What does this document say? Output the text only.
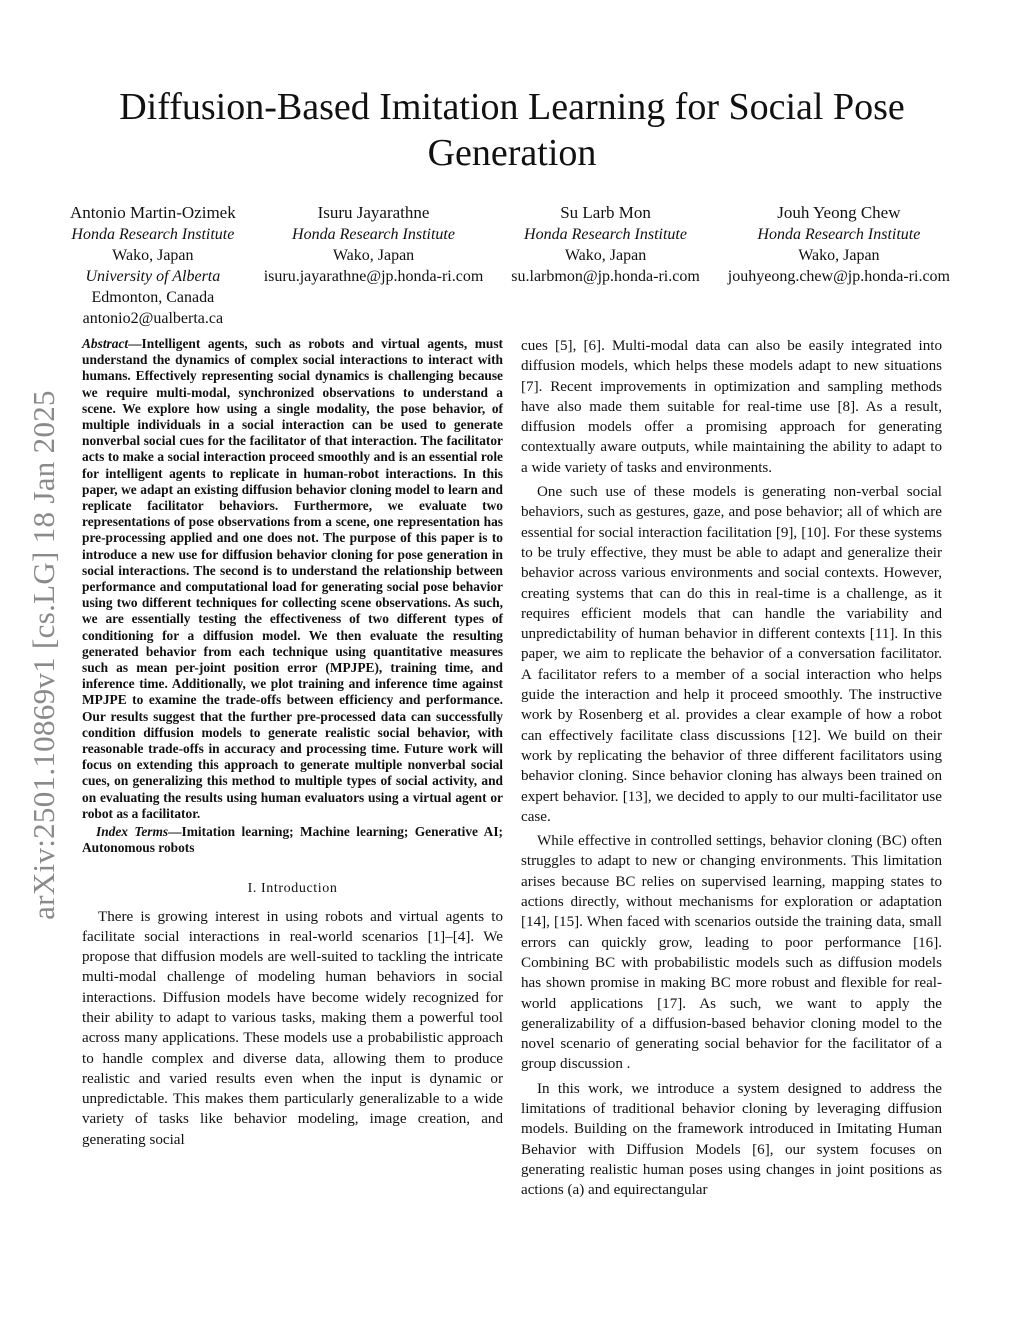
arXiv:2501.10869v1 [cs.LG] 18 Jan 2025
Diffusion-Based Imitation Learning for Social Pose Generation
Antonio Martin-Ozimek
Honda Research Institute
Wako, Japan
University of Alberta
Edmonton, Canada
antonio2@ualberta.ca
Isuru Jayarathne
Honda Research Institute
Wako, Japan
isuru.jayarathne@jp.honda-ri.com
Su Larb Mon
Honda Research Institute
Wako, Japan
su.larbmon@jp.honda-ri.com
Jouh Yeong Chew
Honda Research Institute
Wako, Japan
jouhyeong.chew@jp.honda-ri.com

Abstract—Intelligent agents, such as robots and virtual agents, must understand the dynamics of complex social interactions to interact with humans. Effectively representing social dynamics is challenging because we require multi-modal, synchronized observations to understand a scene. We explore how using a single modality, the pose behavior, of multiple individuals in a social interaction can be used to generate nonverbal social cues for the facilitator of that interaction. The facilitator acts to make a social interaction proceed smoothly and is an essential role for intelligent agents to replicate in human-robot interactions. In this paper, we adapt an existing diffusion behavior cloning model to learn and replicate facilitator behaviors. Furthermore, we evaluate two representations of pose observations from a scene, one representation has pre-processing applied and one does not. The purpose of this paper is to introduce a new use for diffusion behavior cloning for pose generation in social interactions. The second is to understand the relationship between performance and computational load for generating social pose behavior using two different techniques for collecting scene observations. As such, we are essentially testing the effectiveness of two different types of conditioning for a diffusion model. We then evaluate the resulting generated behavior from each technique using quantitative measures such as mean per-joint position error (MPJPE), training time, and inference time. Additionally, we plot training and inference time against MPJPE to examine the trade-offs between efficiency and performance. Our results suggest that the further pre-processed data can successfully condition diffusion models to generate realistic social behavior, with reasonable trade-offs in accuracy and processing time. Future work will focus on extending this approach to generate multiple nonverbal social cues, on generalizing this method to multiple types of social activity, and on evaluating the results using human evaluators using a virtual agent or robot as a facilitator.

Index Terms—Imitation learning; Machine learning; Generative AI; Autonomous robots

I. Introduction

There is growing interest in using robots and virtual agents to facilitate social interactions in real-world scenarios [1]–[4]. We propose that diffusion models are well-suited to tackling the intricate multi-modal challenge of modeling human behaviors in social interactions. Diffusion models have become widely recognized for their ability to adapt to various tasks, making them a powerful tool across many applications. These models use a probabilistic approach to handle complex and diverse data, allowing them to produce realistic and varied results even when the input is dynamic or unpredictable. This makes them particularly generalizable to a wide variety of tasks like behavior modeling, image creation, and generating social

cues [5], [6]. Multi-modal data can also be easily integrated into diffusion models, which helps these models adapt to new situations [7]. Recent improvements in optimization and sampling methods have also made them suitable for real-time use [8]. As a result, diffusion models offer a promising approach for generating contextually aware outputs, while maintaining the ability to adapt to a wide variety of tasks and environments.

One such use of these models is generating non-verbal social behaviors, such as gestures, gaze, and pose behavior; all of which are essential for social interaction facilitation [9], [10]. For these systems to be truly effective, they must be able to adapt and generalize their behavior across various environments and social contexts. However, creating systems that can do this in real-time is a challenge, as it requires efficient models that can handle the variability and unpredictability of human behavior in different contexts [11]. In this paper, we aim to replicate the behavior of a conversation facilitator. A facilitator refers to a member of a social interaction who helps guide the interaction and help it proceed smoothly. The instructive work by Rosenberg et al. provides a clear example of how a robot can effectively facilitate class discussions [12]. We build on their work by replicating the behavior of three different facilitators using behavior cloning. Since behavior cloning has always been trained on expert behavior. [13], we decided to apply to our multi-facilitator use case.

While effective in controlled settings, behavior cloning (BC) often struggles to adapt to new or changing environments. This limitation arises because BC relies on supervised learning, mapping states to actions directly, without mechanisms for exploration or adaptation [14], [15]. When faced with scenarios outside the training data, small errors can quickly grow, leading to poor performance [16]. Combining BC with probabilistic models such as diffusion models has shown promise in making BC more robust and flexible for real-world applications [17]. As such, we want to apply the generalizability of a diffusion-based behavior cloning model to the novel scenario of generating social behavior for the facilitator of a group discussion .

In this work, we introduce a system designed to address the limitations of traditional behavior cloning by leveraging diffusion models. Building on the framework introduced in Imitating Human Behavior with Diffusion Models [6], our system focuses on generating realistic human poses using changes in joint positions as actions (a) and equirectangular
